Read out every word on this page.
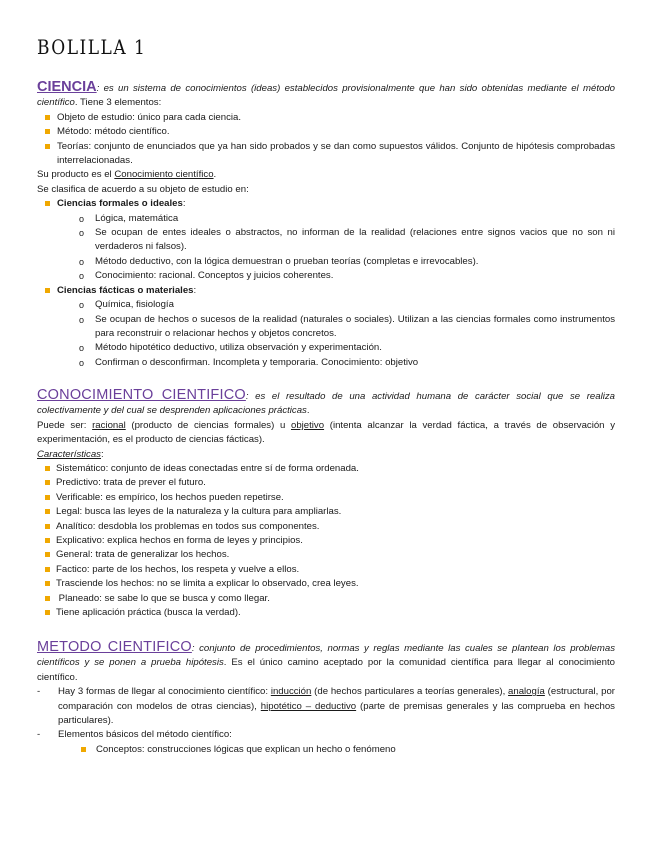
BOLILLA 1
CIENCIA: es un sistema de conocimientos (ideas) establecidos provisionalmente que han sido obtenidas mediante el método científico. Tiene 3 elementos:
Objeto de estudio: único para cada ciencia.
Método: método científico.
Teorías: conjunto de enunciados que ya han sido probados y se dan como supuestos válidos. Conjunto de hipótesis comprobadas interrelacionadas.
Su producto es el Conocimiento científico.
Se clasifica de acuerdo a su objeto de estudio en:
Ciencias formales o ideales:
o Lógica, matemática
o Se ocupan de entes ideales o abstractos, no informan de la realidad (relaciones entre signos vacios que no son ni verdaderos ni falsos).
o Método deductivo, con la lógica demuestran o prueban teorías (completas e irrevocables).
o Conocimiento: racional. Conceptos y juicios coherentes.
Ciencias fácticas o materiales:
o Química, fisiología
o Se ocupan de hechos o sucesos de la realidad (naturales o sociales). Utilizan a las ciencias formales como instrumentos para reconstruir o relacionar hechos y objetos concretos.
o Método hipotético deductivo, utiliza observación y experimentación.
o Confirman o desconfirman. Incompleta y temporaria. Conocimiento: objetivo
CONOCIMIENTO CIENTIFICO: es el resultado de una actividad humana de carácter social que se realiza colectivamente y del cual se desprenden aplicaciones prácticas.
Puede ser: racional (producto de ciencias formales) u objetivo (intenta alcanzar la verdad fáctica, a través de observación y experimentación, es el producto de ciencias fácticas).
Características:
Sistemático: conjunto de ideas conectadas entre sí de forma ordenada.
Predictivo: trata de prever el futuro.
Verificable: es empírico, los hechos pueden repetirse.
Legal: busca las leyes de la naturaleza y la cultura para ampliarlas.
Analítico: desdobla los problemas en todos sus componentes.
Explicativo: explica hechos en forma de leyes y principios.
General: trata de generalizar los hechos.
Factico: parte de los hechos, los respeta y vuelve a ellos.
Trasciende los hechos: no se limita a explicar lo observado, crea leyes.
Planeado: se sabe lo que se busca y como llegar.
Tiene aplicación práctica (busca la verdad).
METODO CIENTIFICO: conjunto de procedimientos, normas y reglas mediante las cuales se plantean los problemas científicos y se ponen a prueba hipótesis. Es el único camino aceptado por la comunidad científica para llegar al conocimiento científico.
- Hay 3 formas de llegar al conocimiento científico: inducción (de hechos particulares a teorías generales), analogía (estructural, por comparación con modelos de otras ciencias), hipotético – deductivo (parte de premisas generales y las comprueba en hechos particulares).
- Elementos básicos del método científico:
Conceptos: construcciones lógicas que explican un hecho o fenómeno
